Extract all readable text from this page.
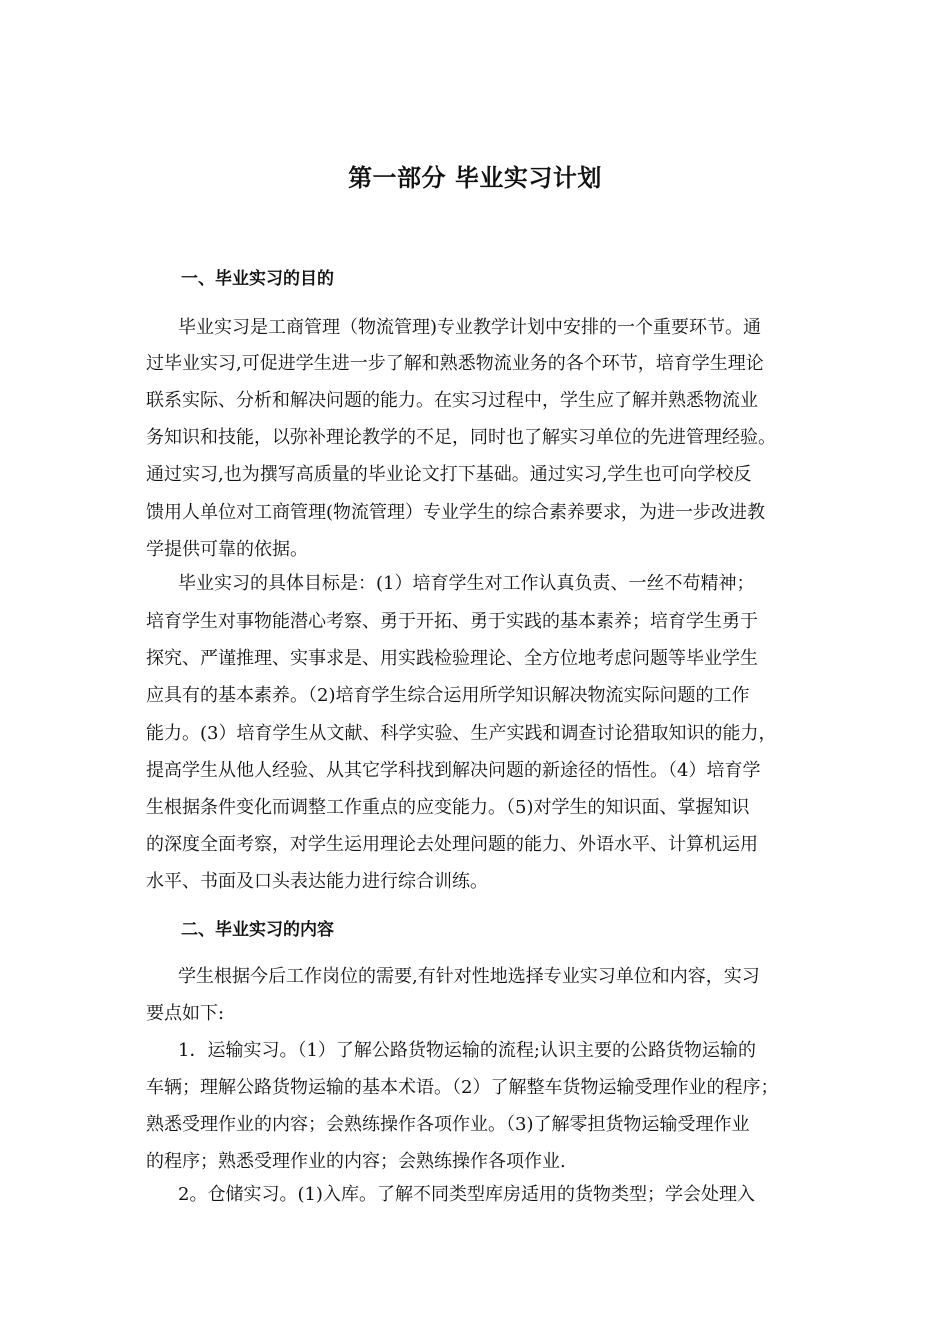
第一部分 毕业实习计划
一、毕业实习的目的
毕业实习是工商管理（物流管理)专业教学计划中安排的一个重要环节。通
过毕业实习,可促进学生进一步了解和熟悉物流业务的各个环节，培育学生理论
联系实际、分析和解决问题的能力。在实习过程中，学生应了解并熟悉物流业
务知识和技能，以弥补理论教学的不足，同时也了解实习单位的先进管理经验。
通过实习,也为撰写高质量的毕业论文打下基础。通过实习,学生也可向学校反
馈用人单位对工商管理(物流管理）专业学生的综合素养要求，为进一步改进教
学提供可靠的依据。
毕业实习的具体目标是：(1）培育学生对工作认真负责、一丝不苟精神；
培育学生对事物能潜心考察、勇于开拓、勇于实践的基本素养；培育学生勇于
探究、严谨推理、实事求是、用实践检验理论、全方位地考虑问题等毕业学生
应具有的基本素养。（2)培育学生综合运用所学知识解决物流实际问题的工作
能力。(3）培育学生从文献、科学实验、生产实践和调查讨论猎取知识的能力，
提高学生从他人经验、从其它学科找到解决问题的新途径的悟性。（4）培育学
生根据条件变化而调整工作重点的应变能力。（5)对学生的知识面、掌握知识
的深度全面考察，对学生运用理论去处理问题的能力、外语水平、计算机运用
水平、书面及口头表达能力进行综合训练。
二、毕业实习的内容
学生根据今后工作岗位的需要,有针对性地选择专业实习单位和内容，实习
要点如下:
1．运输实习。（1）了解公路货物运输的流程;认识主要的公路货物运输的
车辆；理解公路货物运输的基本术语。（2）了解整车货物运输受理作业的程序；
熟悉受理作业的内容；会熟练操作各项作业。（3)了解零担货物运输受理作业
的程序；熟悉受理作业的内容；会熟练操作各项作业.
2。仓储实习。(1)入库。了解不同类型库房适用的货物类型；学会处理入
